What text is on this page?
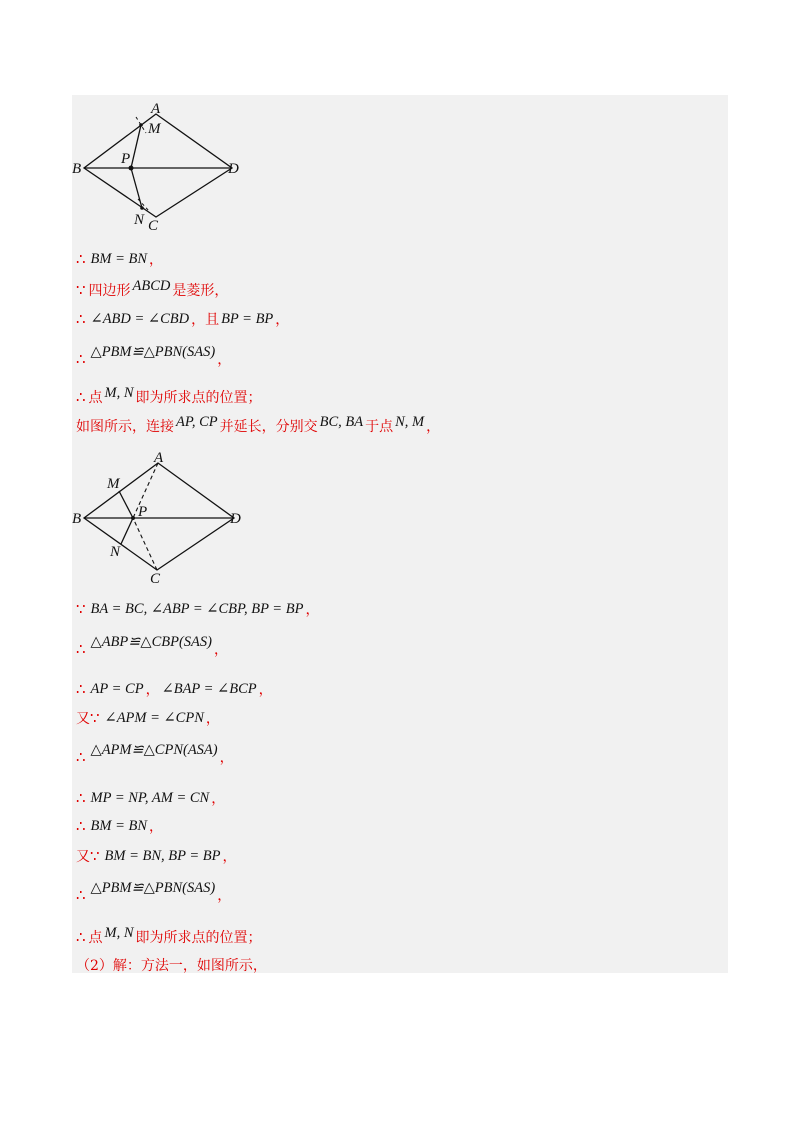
A
M
P
B	D
N C
A
M
P
B	D
N
C
∴ BM = BN ，
∵ 四边形 ABCD 是菱形，
∴ ∠ABD = ∠CBD ，且 BP = BP ，
∴ △PBM≌△PBN(SAS)
，
∴ 点 M, N 即为所求点的位置；
如图所示，连接 AP, CP 并延长，分别交 BC, BA 于点 N, M ，
∵ BA = BC, ∠ABP = ∠CBP, BP = BP ，
∴ △ABP≌△CBP(SAS)
，
∴ AP = CP ， ∠BAP = ∠BCP ，
又 ∵ ∠APM = ∠CPN ，
∴ △APM≌△CPN(ASA)
，
∴ MP = NP, AM = CN ，
∴ BM = BN ，
又 ∵ BM = BN, BP = BP ，
∴ △PBM≌△PBN(SAS)
，
∴ 点 M, N 即为所求点的位置；
（2）解：方法一，如图所示，
